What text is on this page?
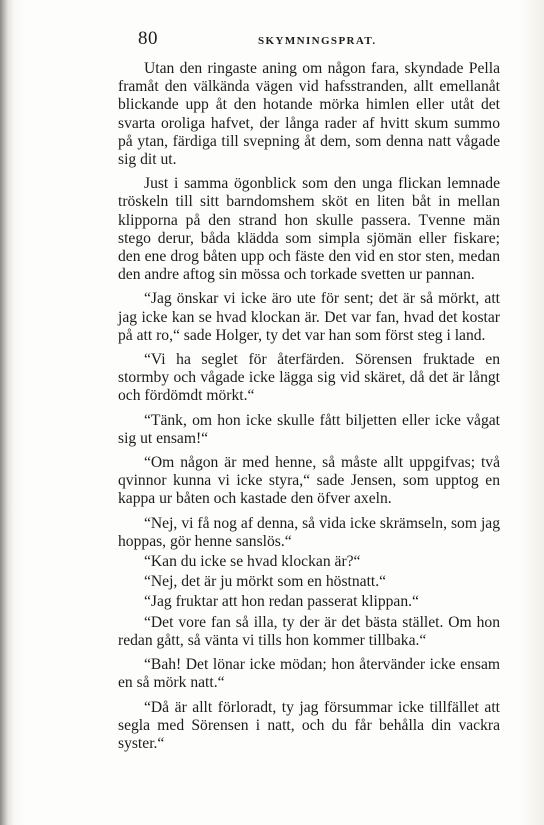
80	SKYMNINGSPRAT.

Utan den ringaste aning om någon fara, skyndade Pella framåt den välkända vägen vid hafsstranden, allt emellanåt blickande upp åt den hotande mörka himlen eller utåt det svarta oroliga hafvet, der långa rader af hvitt skum summo på ytan, färdiga till svepning åt dem, som denna natt vågade sig dit ut.

Just i samma ögonblick som den unga flickan lemnade tröskeln till sitt barndomshem sköt en liten båt in mellan klipporna på den strand hon skulle passera. Tvenne män stego derur, båda klädda som simpla sjömän eller fiskare; den ene drog båten upp och fäste den vid en stor sten, medan den andre aftog sin mössa och torkade svetten ur pannan.

“Jag önskar vi icke äro ute för sent; det är så mörkt, att jag icke kan se hvad klockan är. Det var fan, hvad det kostar på att ro,“ sade Holger, ty det var han som först steg i land.

“Vi ha seglet för återfärden. Sörensen fruktade en stormby och vågade icke lägga sig vid skäret, då det är långt och fördömdt mörkt.“

“Tänk, om hon icke skulle fått biljetten eller icke vågat sig ut ensam!“

“Om någon är med henne, så måste allt uppgifvas; två qvinnor kunna vi icke styra,“ sade Jensen, som upptog en kappa ur båten och kastade den öfver axeln.

“Nej, vi få nog af denna, så vida icke skrämseln, som jag hoppas, gör henne sanslös.“

“Kan du icke se hvad klockan är?“

“Nej, det är ju mörkt som en höstnatt.“

“Jag fruktar att hon redan passerat klippan.“

“Det vore fan så illa, ty der är det bästa stället. Om hon redan gått, så vänta vi tills hon kommer tillbaka.“

“Bah! Det lönar icke mödan; hon återvänder icke ensam en så mörk natt.“

“Då är allt förloradt, ty jag försummar icke tillfället att segla med Sörensen i natt, och du får behålla din vackra syster.“
